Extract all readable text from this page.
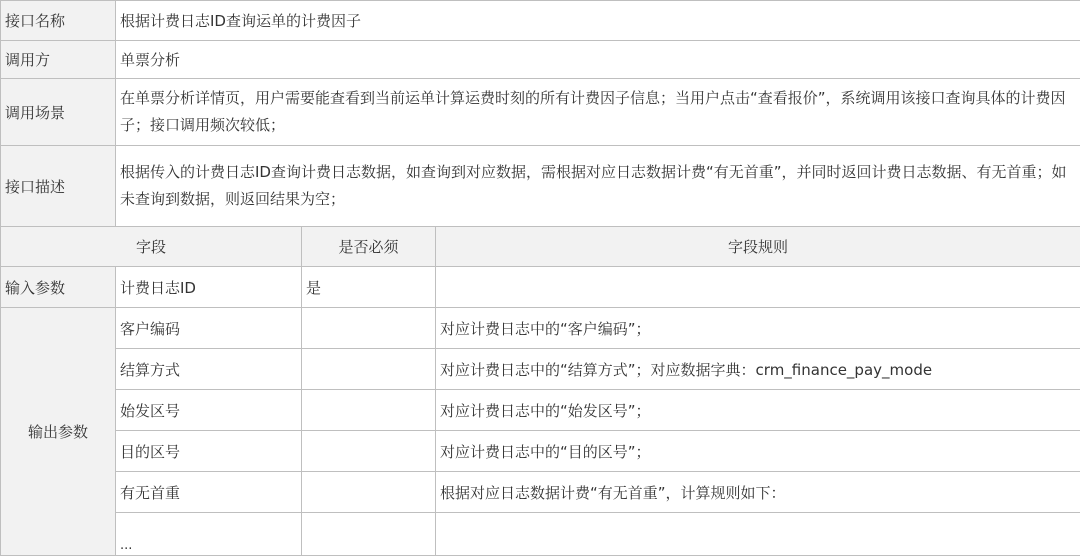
接口名称	根据计费日志ID查询运单的计费因子		
调用方	单票分析		
调用场景	在单票分析详情页，用户需要能查看到当前运单计算运费时刻的所有计费因子信息；当用户点击“查看报价”，系统调用该接口查询具体的计费因子；接口调用频次较低；		
接口描述	根据传入的计费日志ID查询计费日志数据，如查询到对应数据，需根据对应日志数据计费“有无首重”，并同时返回计费日志数据、有无首重；如未查询到数据，则返回结果为空；		
字段		是否必须	字段规则
输入参数	计费日志ID	是	
输出参数	客户编码		对应计费日志中的“客户编码”；
	结算方式		对应计费日志中的“结算方式”；对应数据字典：crm_finance_pay_mode
	始发区号		对应计费日志中的“始发区号”；
	目的区号		对应计费日志中的“目的区号”；
	有无首重		根据对应日志数据计费“有无首重”，计算规则如下：
	...		
